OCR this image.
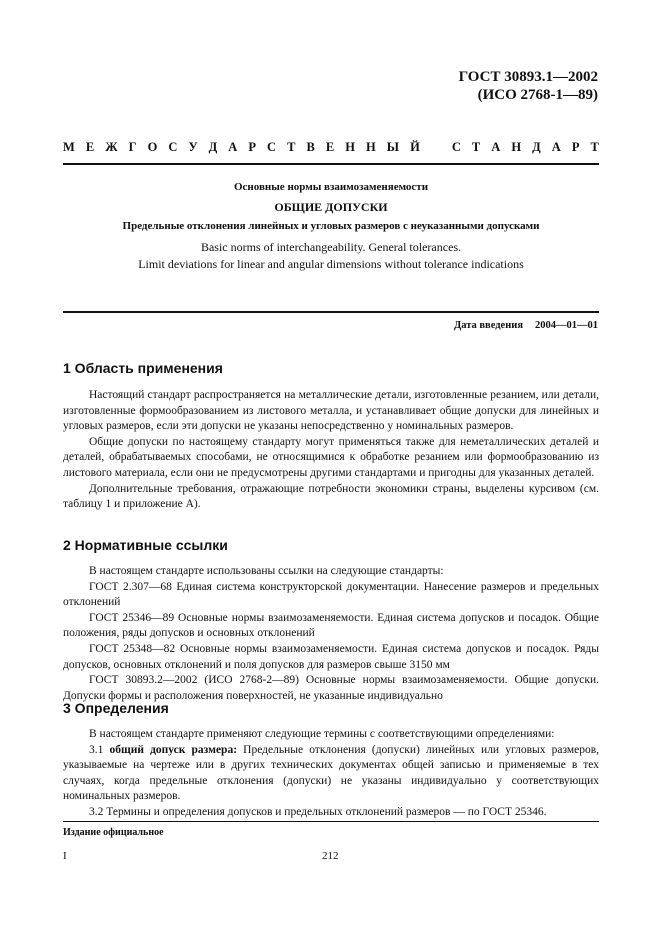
ГОСТ 30893.1—2002
(ИСО 2768-1—89)
М Е Ж Г О С У Д А Р С Т В Е Н Н Ы Й	С Т А Н Д А Р Т
Основные нормы взаимозаменяемости
ОБЩИЕ ДОПУСКИ
Предельные отклонения линейных и угловых размеров с неуказанными допусками
Basic norms of interchangeability. General tolerances.
Limit deviations for linear and angular dimensions without tolerance indications
Дата введения 2004—01—01
1 Область применения

Настоящий стандарт распространяется на металлические детали, изготовленные резанием, или детали, изготовленные формообразованием из листового металла, и устанавливает общие допуски для линейных и угловых размеров, если эти допуски не указаны непосредственно у номинальных размеров.

Общие допуски по настоящему стандарту могут применяться также для неметаллических деталей и деталей, обрабатываемых способами, не относящимися к обработке резанием или формообразованию из листового материала, если они не предусмотрены другими стандартами и пригодны для указанных деталей.

Дополнительные требования, отражающие потребности экономики страны, выделены курсивом (см. таблицу 1 и приложение А).

2 Нормативные ссылки

В настоящем стандарте использованы ссылки на следующие стандарты:

ГОСТ 2.307—68 Единая система конструкторской документации. Нанесение размеров и предельных отклонений

ГОСТ 25346—89 Основные нормы взаимозаменяемости. Единая система допусков и посадок. Общие положения, ряды допусков и основных отклонений

ГОСТ 25348—82 Основные нормы взаимозаменяемости. Единая система допусков и посадок. Ряды допусков, основных отклонений и поля допусков для размеров свыше 3150 мм

ГОСТ 30893.2—2002 (ИСО 2768-2—89) Основные нормы взаимозаменяемости. Общие допуски. Допуски формы и расположения поверхностей, не указанные индивидуально

3 Определения

В настоящем стандарте применяют следующие термины с соответствующими определениями:

3.1 общий допуск размера: Предельные отклонения (допуски) линейных или угловых размеров, указываемые на чертеже или в других технических документах общей записью и применяемые в тех случаях, когда предельные отклонения (допуски) не указаны индивидуально у соответствующих номинальных размеров.

3.2 Термины и определения допусков и предельных отклонений размеров — по ГОСТ 25346.

Издание официальное
I	212
